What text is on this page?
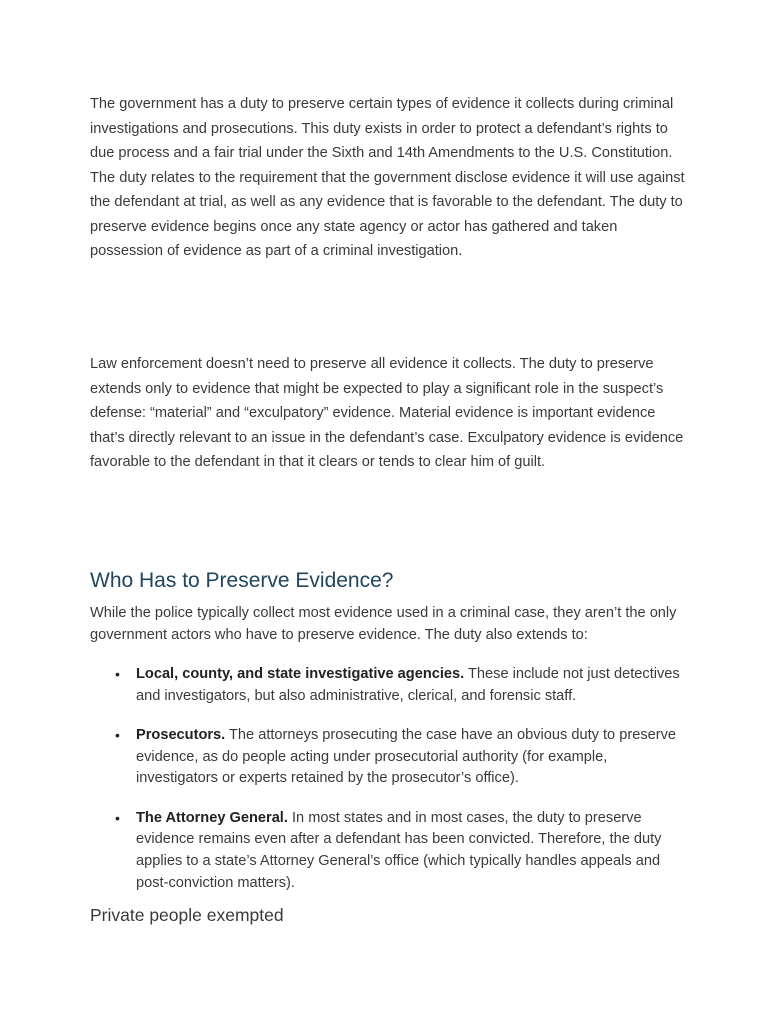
The government has a duty to preserve certain types of evidence it collects during criminal investigations and prosecutions. This duty exists in order to protect a defendant’s rights to due process and a fair trial under the Sixth and 14th Amendments to the U.S. Constitution. The duty relates to the requirement that the government disclose evidence it will use against the defendant at trial, as well as any evidence that is favorable to the defendant. The duty to preserve evidence begins once any state agency or actor has gathered and taken possession of evidence as part of a criminal investigation.

Law enforcement doesn’t need to preserve all evidence it collects. The duty to preserve extends only to evidence that might be expected to play a significant role in the suspect’s defense: “material” and “exculpatory” evidence. Material evidence is important evidence that’s directly relevant to an issue in the defendant’s case. Exculpatory evidence is evidence favorable to the defendant in that it clears or tends to clear him of guilt.

Who Has to Preserve Evidence?

While the police typically collect most evidence used in a criminal case, they aren’t the only government actors who have to preserve evidence. The duty also extends to:

• Local, county, and state investigative agencies. These include not just detectives and investigators, but also administrative, clerical, and forensic staff.
• Prosecutors. The attorneys prosecuting the case have an obvious duty to preserve evidence, as do people acting under prosecutorial authority (for example, investigators or experts retained by the prosecutor’s office).
• The Attorney General. In most states and in most cases, the duty to preserve evidence remains even after a defendant has been convicted. Therefore, the duty applies to a state’s Attorney General’s office (which typically handles appeals and post-conviction matters).
Private people exempted
